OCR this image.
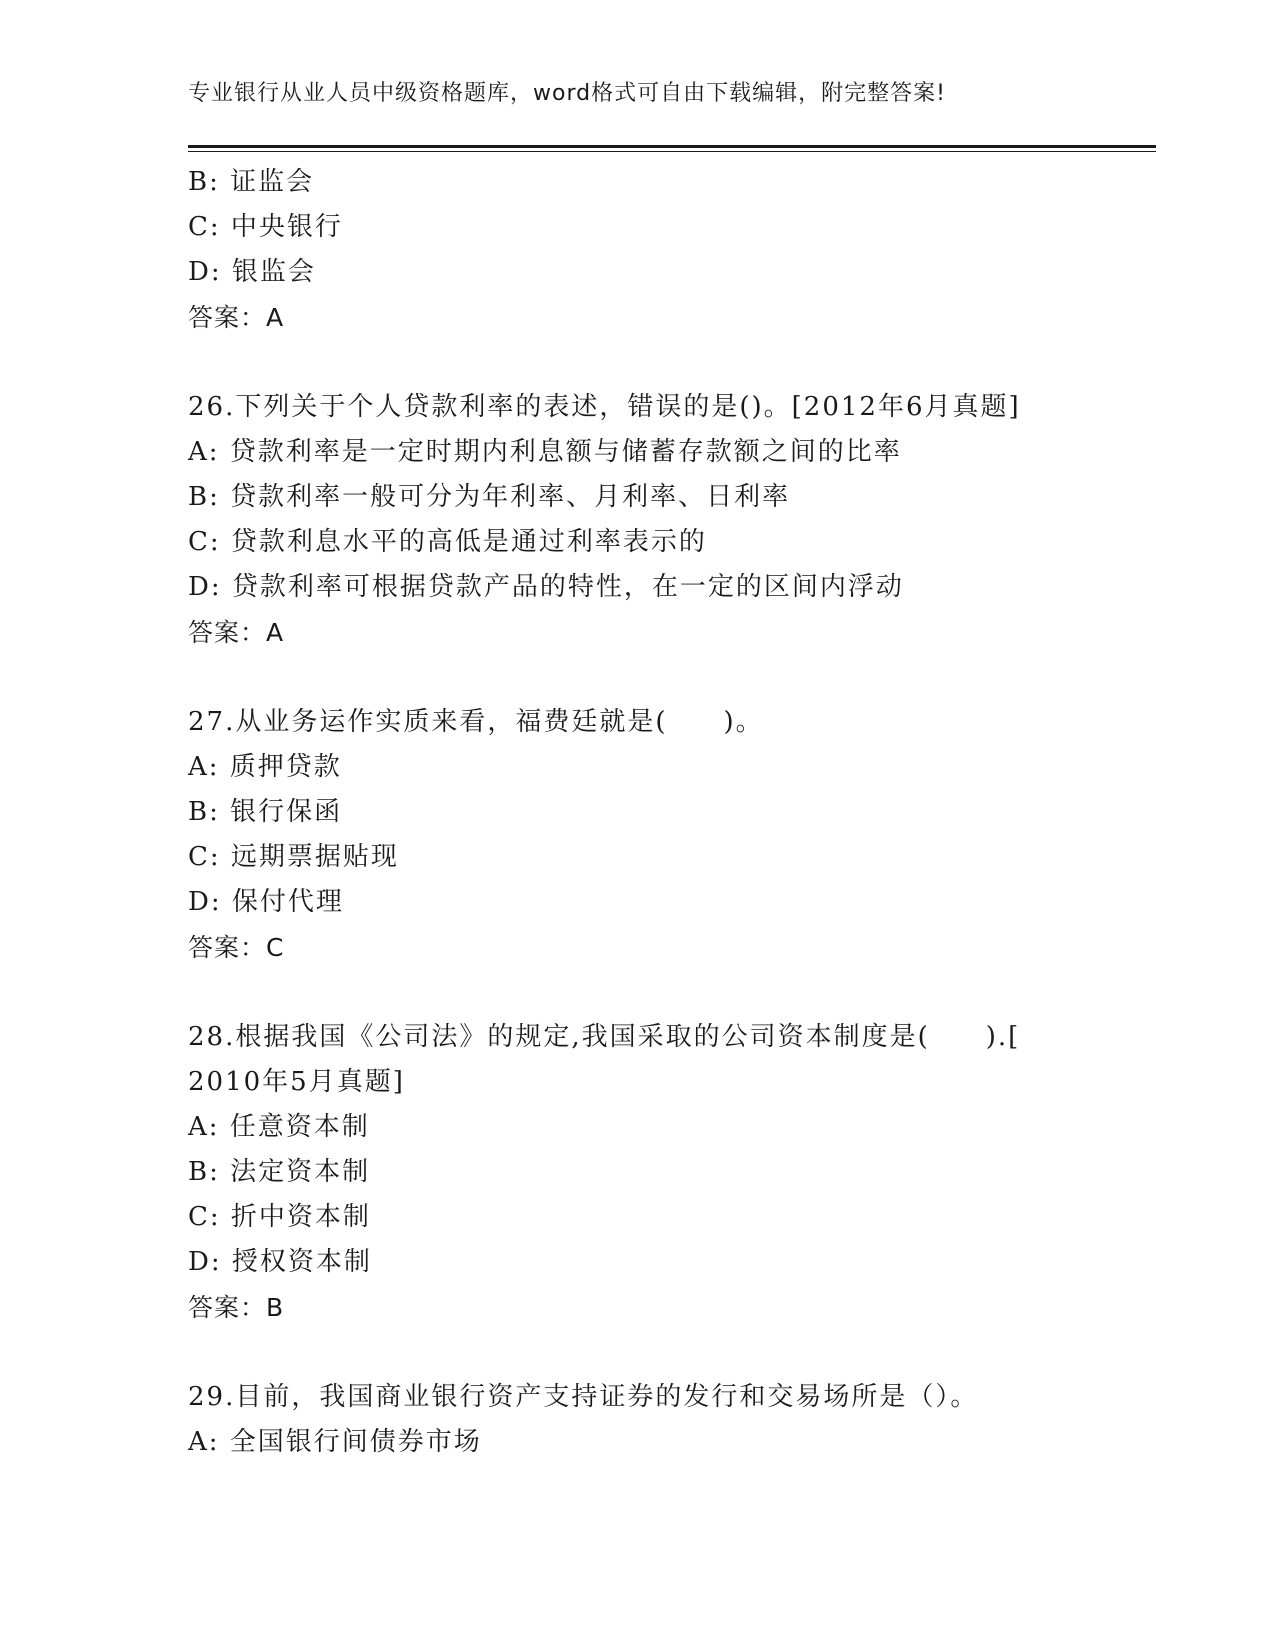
专业银行从业人员中级资格题库，word格式可自由下载编辑，附完整答案!
B: 证监会
C: 中央银行
D: 银监会
答案：A
26.下列关于个人贷款利率的表述，错误的是()。[2012年6月真题]
A: 贷款利率是一定时期内利息额与储蓄存款额之间的比率
B: 贷款利率一般可分为年利率、月利率、日利率
C: 贷款利息水平的高低是通过利率表示的
D: 贷款利率可根据贷款产品的特性，在一定的区间内浮动
答案：A
27.从业务运作实质来看，福费廷就是(　　)。
A: 质押贷款
B: 银行保函
C: 远期票据贴现
D: 保付代理
答案：C
28.根据我国《公司法》的规定,我国采取的公司资本制度是(　　).[
2010年5月真题]
A: 任意资本制
B: 法定资本制
C: 折中资本制
D: 授权资本制
答案：B
29.目前，我国商业银行资产支持证券的发行和交易场所是（）。
A: 全国银行间债券市场
